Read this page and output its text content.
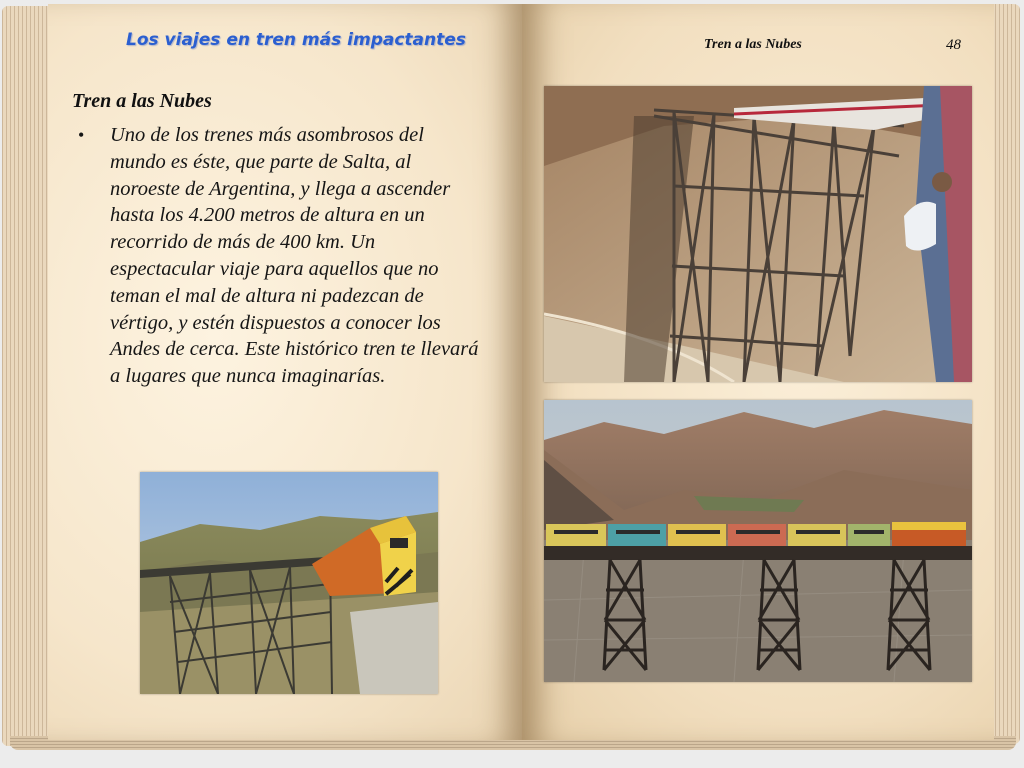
Los viajes en tren más impactantes
Tren a las Nubes
• Uno de los trenes más asombrosos del mundo es éste, que parte de Salta, al noroeste de Argentina, y llega a ascender hasta los 4.200 metros de altura en un recorrido de más de 400 km. Un espectacular viaje para aquellos que no teman el mal de altura ni padezcan de vértigo, y estén dispuestos a conocer los Andes de cerca. Este histórico tren te llevará a lugares que nunca imaginarías.
Tren a las Nubes	48
